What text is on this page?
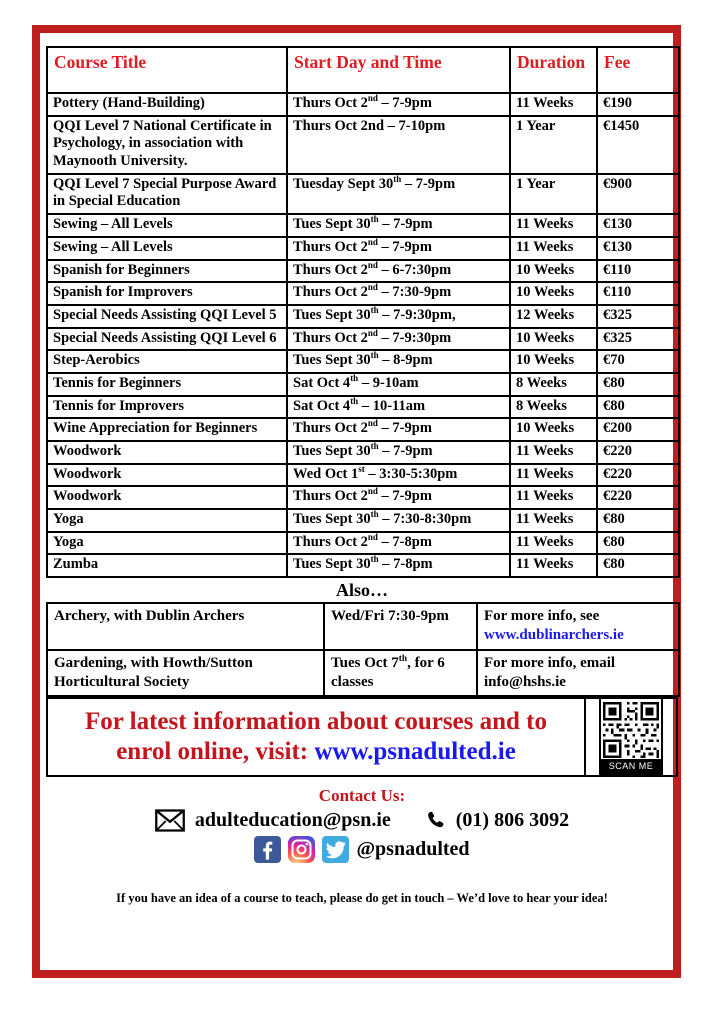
Course Title	Start Day and Time	Duration	Fee
Pottery (Hand-Building)	Thurs Oct 2nd – 7-9pm	11 Weeks	€190
QQI Level 7 National Certificate in Psychology, in association with Maynooth University.	Thurs Oct 2nd – 7-10pm	1 Year	€1450
QQI Level 7 Special Purpose Award in Special Education	Tuesday Sept 30th – 7-9pm	1 Year	€900
Sewing – All Levels	Tues Sept 30th – 7-9pm	11 Weeks	€130
Sewing – All Levels	Thurs Oct 2nd – 7-9pm	11 Weeks	€130
Spanish for Beginners	Thurs Oct 2nd – 6-7:30pm	10 Weeks	€110
Spanish for Improvers	Thurs Oct 2nd – 7:30-9pm	10 Weeks	€110
Special Needs Assisting QQI Level 5	Tues Sept 30th – 7-9:30pm,	12 Weeks	€325
Special Needs Assisting QQI Level 6	Thurs Oct 2nd – 7-9:30pm	10 Weeks	€325
Step-Aerobics	Tues Sept 30th – 8-9pm	10 Weeks	€70
Tennis for Beginners	Sat Oct 4th – 9-10am	8 Weeks	€80
Tennis for Improvers	Sat Oct 4th – 10-11am	8 Weeks	€80
Wine Appreciation for Beginners	Thurs Oct 2nd – 7-9pm	10 Weeks	€200
Woodwork	Tues Sept 30th – 7-9pm	11 Weeks	€220
Woodwork	Wed Oct 1st – 3:30-5:30pm	11 Weeks	€220
Woodwork	Thurs Oct 2nd – 7-9pm	11 Weeks	€220
Yoga	Tues Sept 30th – 7:30-8:30pm	11 Weeks	€80
Yoga	Thurs Oct 2nd – 7-8pm	11 Weeks	€80
Zumba	Tues Sept 30th – 7-8pm	11 Weeks	€80
Also…
Archery, with Dublin Archers	Wed/Fri 7:30-9pm	For more info, see
www.dublinarchers.ie
Gardening, with Howth/Sutton Horticultural Society	Tues Oct 7th, for 6 classes	For more info, email
info@hshs.ie
For latest information about courses and to enrol online, visit: www.psnadulted.ie
SCAN ME
Contact Us:
adulteducation@psn.ie	(01) 806 3092
@psnadulted
If you have an idea of a course to teach, please do get in touch – We’d love to hear your idea!
